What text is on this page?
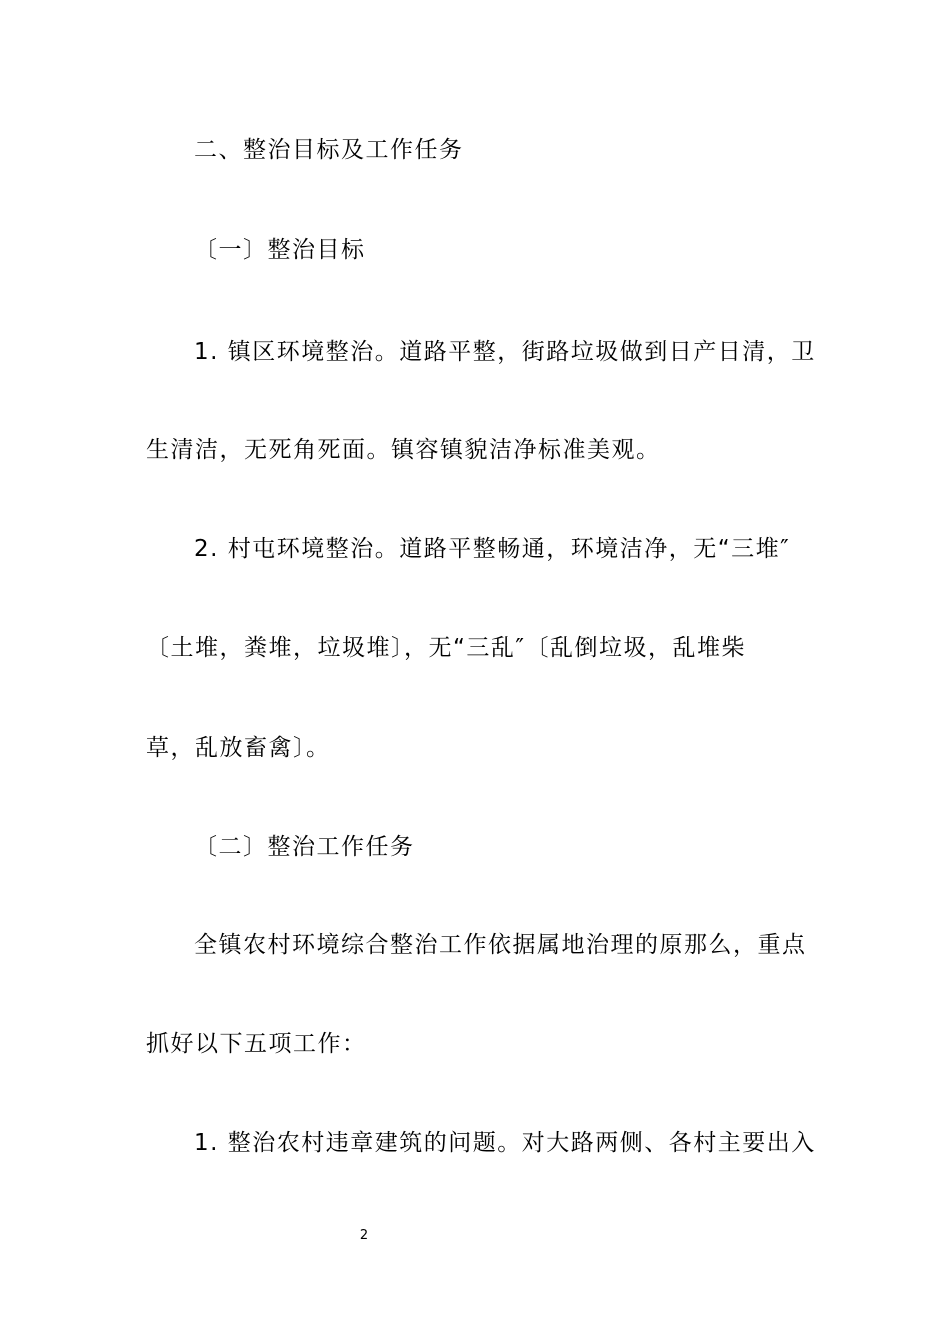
二、整治目标及工作任务
〔一〕整治目标
1. 镇区环境整治。道路平整，街路垃圾做到日产日清，卫
生清洁，无死角死面。镇容镇貌洁净标准美观。
2. 村屯环境整治。道路平整畅通，环境洁净，无“三堆″
〔土堆，粪堆，垃圾堆〕，无“三乱″〔乱倒垃圾，乱堆柴
草，乱放畜禽〕。
〔二〕整治工作任务
全镇农村环境综合整治工作依据属地治理的原那么，重点
抓好以下五项工作：
1. 整治农村违章建筑的问题。对大路两侧、各村主要出入
2
